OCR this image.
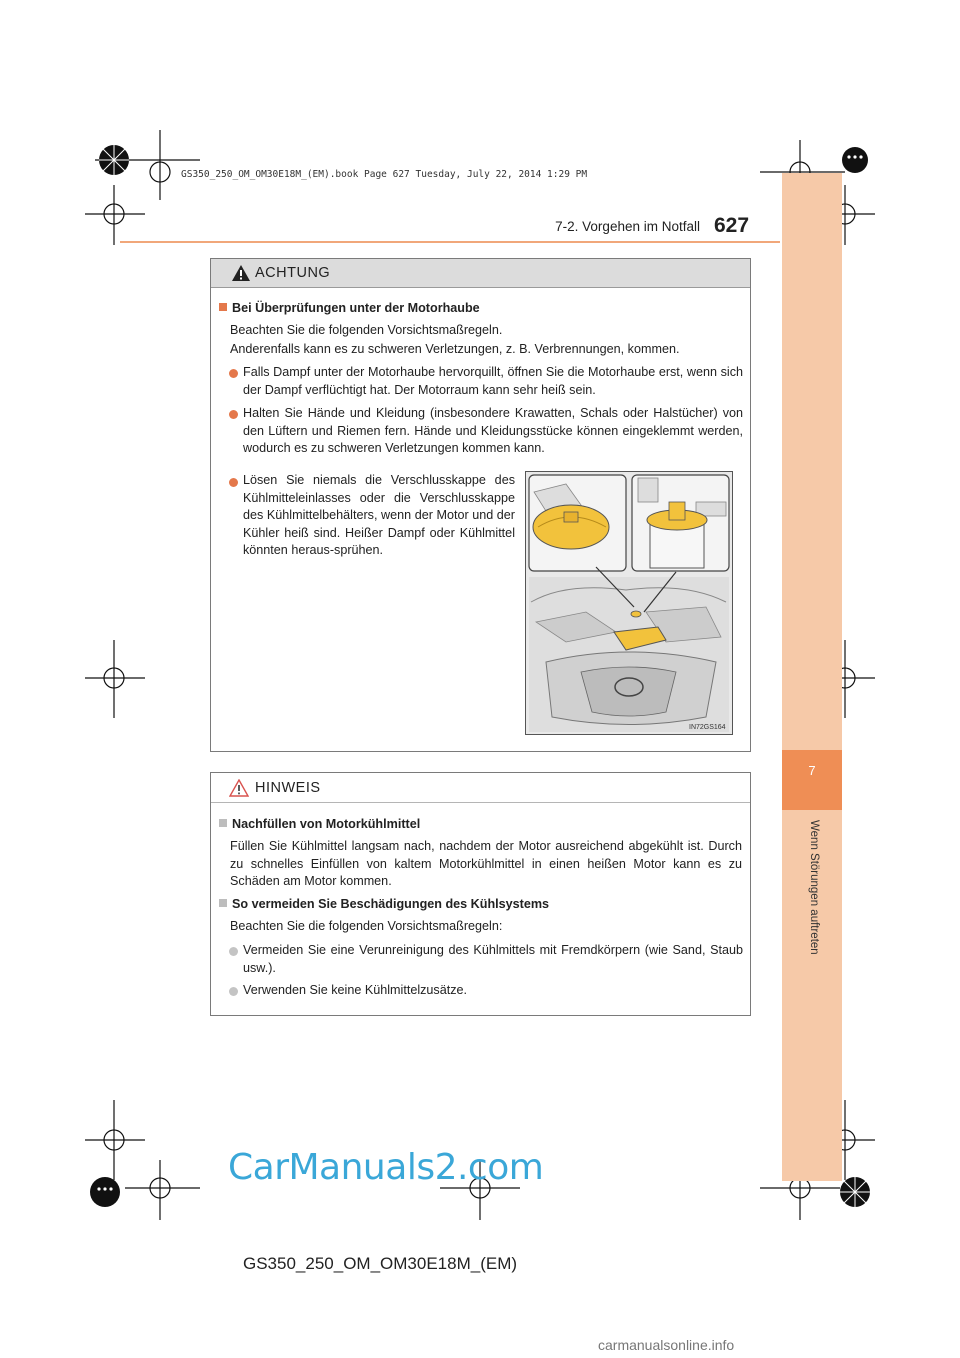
GS350_250_OM_OM30E18M_(EM).book Page 627 Tuesday, July 22, 2014 1:29 PM
7
Wenn Störungen auftreten
7-2. Vorgehen im Notfall 627
ACHTUNG
Bei Überprüfungen unter der Motorhaube
Beachten Sie die folgenden Vorsichtsmaßregeln.
Anderenfalls kann es zu schweren Verletzungen, z. B. Verbrennungen, kommen.
Falls Dampf unter der Motorhaube hervorquillt, öffnen Sie die Motorhaube erst, wenn sich der Dampf verflüchtigt hat. Der Motorraum kann sehr heiß sein.
Halten Sie Hände und Kleidung (insbesondere Krawatten, Schals oder Halstücher) von den Lüftern und Riemen fern. Hände und Kleidungsstücke können eingeklemmt werden, wodurch es zu schweren Verletzungen kommen kann.
Lösen Sie niemals die Verschlusskappe des Kühlmitteleinlasses oder die Verschlusskappe des Kühlmittelbehälters, wenn der Motor und der Kühler heiß sind. Heißer Dampf oder Kühlmittel könnten heraus-sprühen.
IN72GS164
HINWEIS
Nachfüllen von Motorkühlmittel
Füllen Sie Kühlmittel langsam nach, nachdem der Motor ausreichend abgekühlt ist. Durch zu schnelles Einfüllen von kaltem Motorkühlmittel in einen heißen Motor kann es zu Schäden am Motor kommen.
So vermeiden Sie Beschädigungen des Kühlsystems
Beachten Sie die folgenden Vorsichtsmaßregeln:
Vermeiden Sie eine Verunreinigung des Kühlmittels mit Fremdkörpern (wie Sand, Staub usw.).
Verwenden Sie keine Kühlmittelzusätze.
CarManuals2.com
GS350_250_OM_OM30E18M_(EM)
carmanualsonline.info
